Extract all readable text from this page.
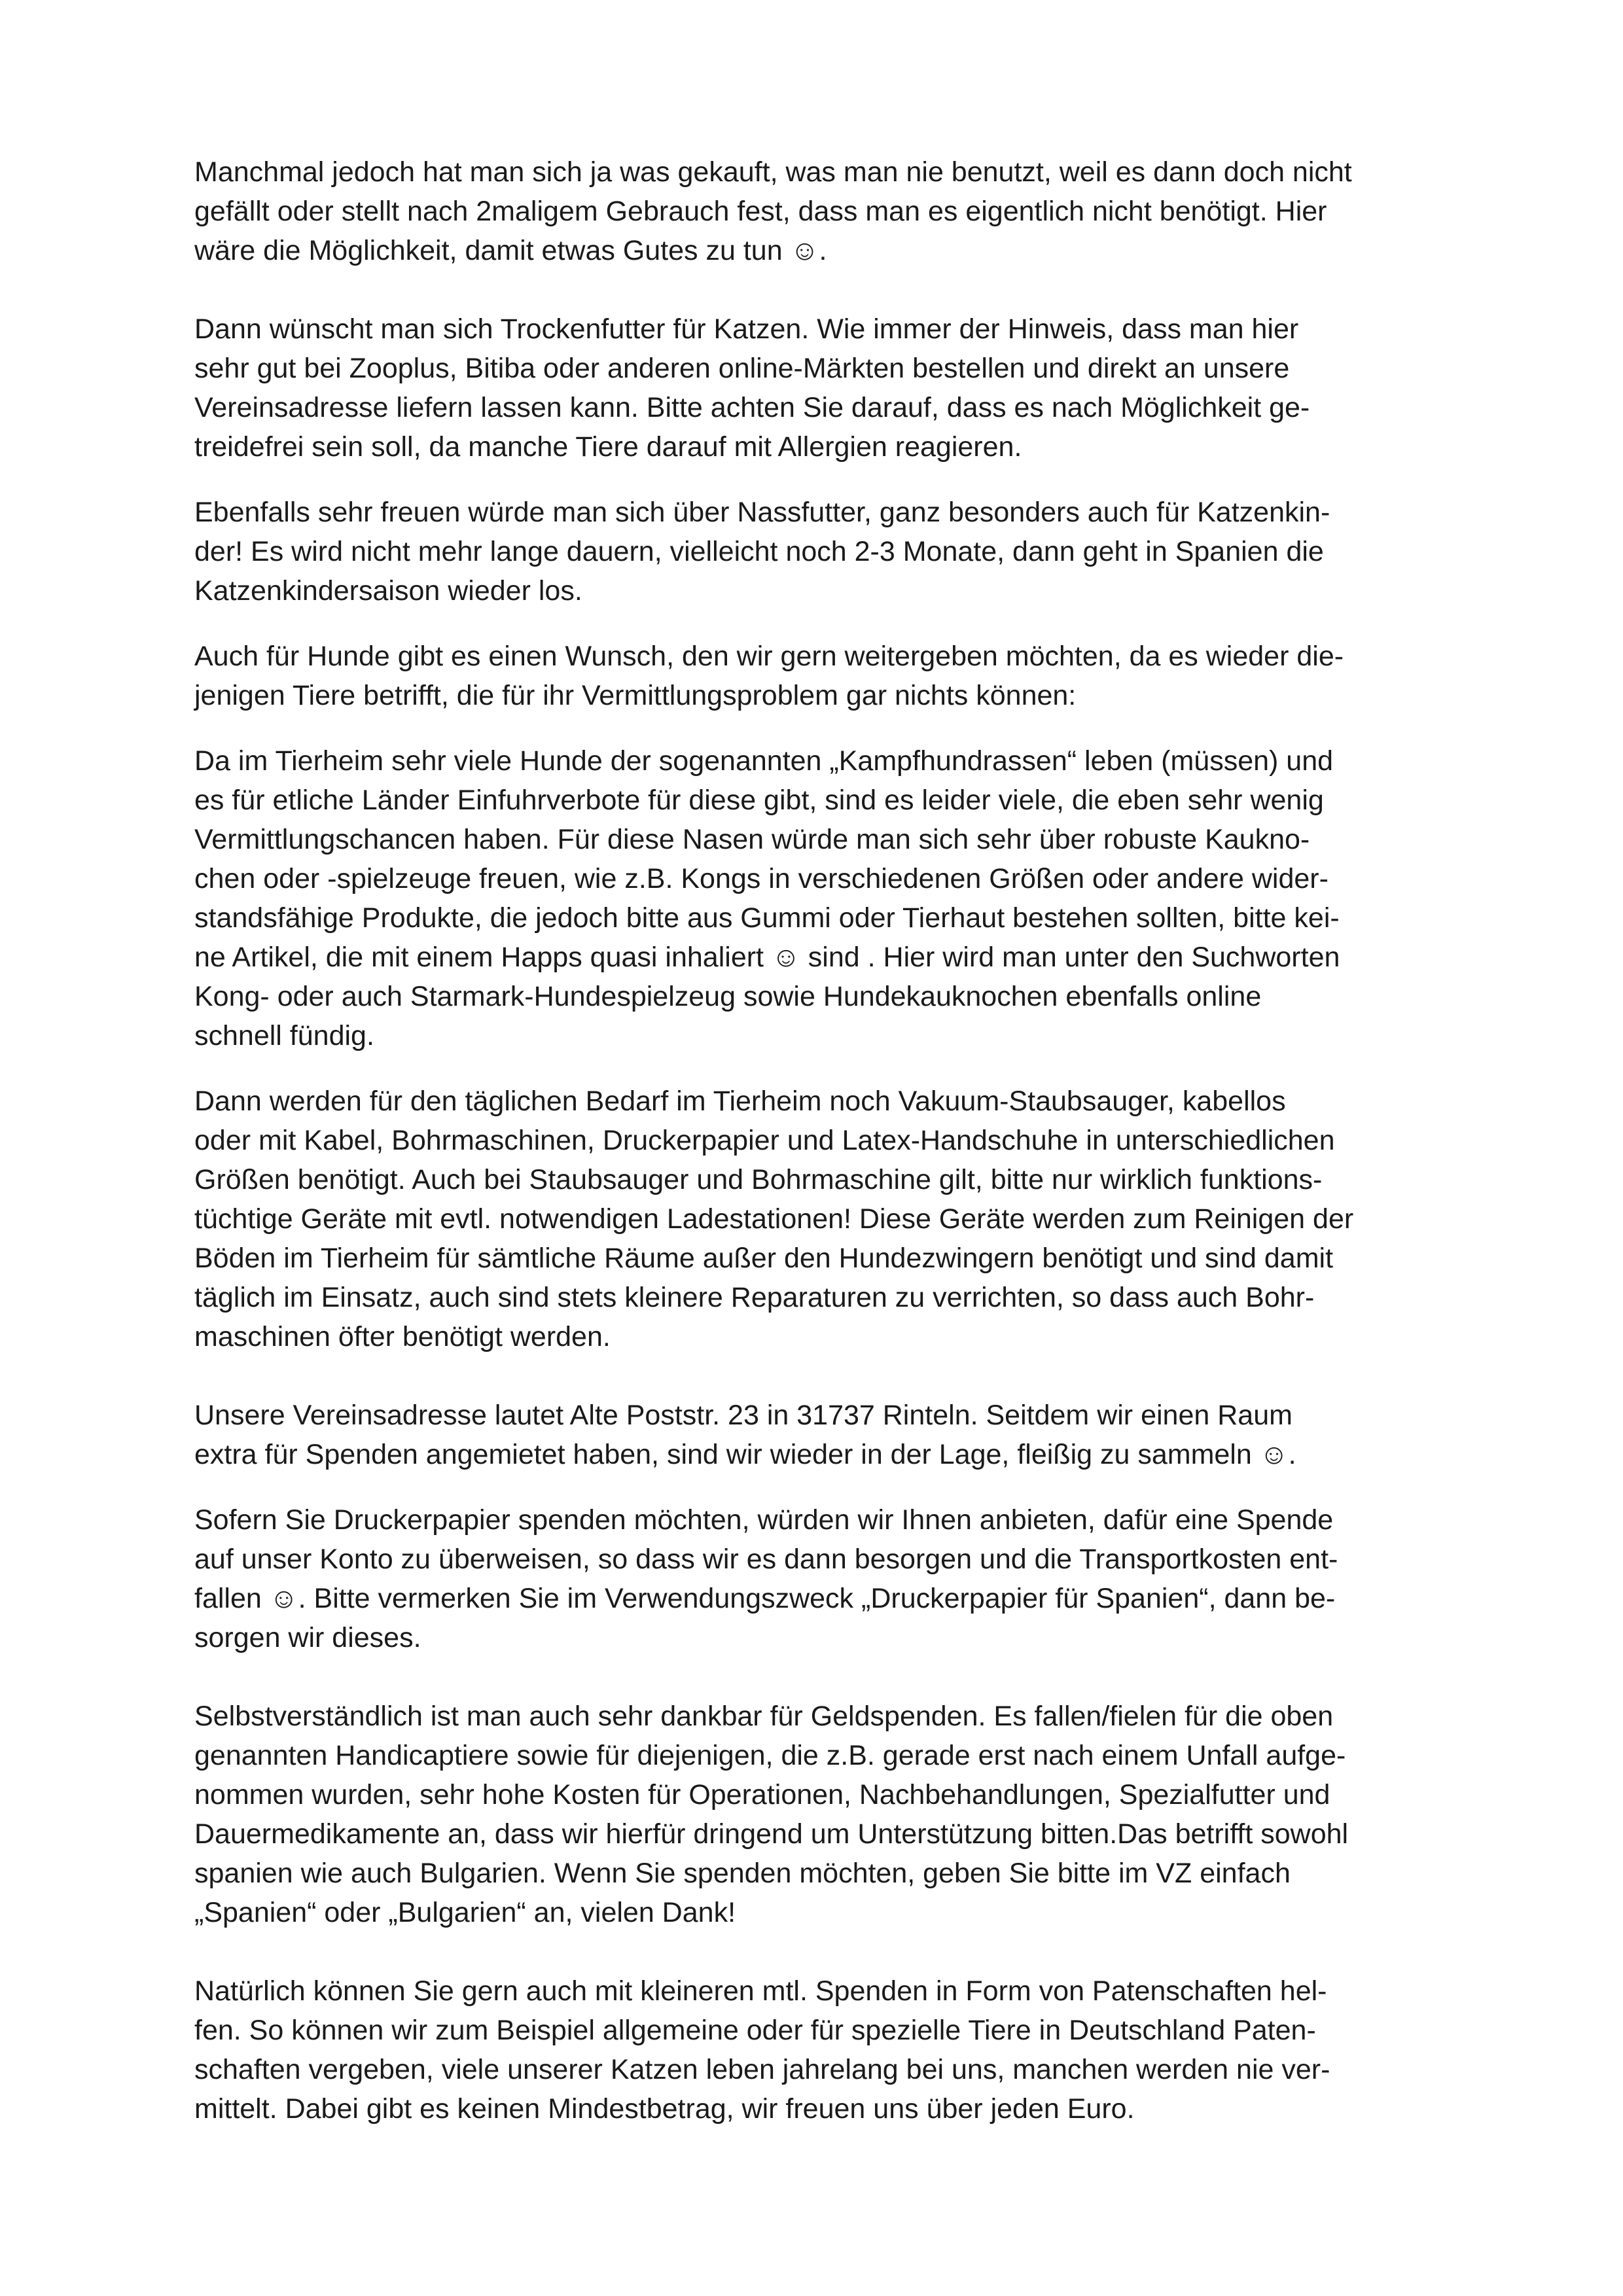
Manchmal jedoch hat man sich ja was gekauft, was man nie benutzt, weil es dann doch nicht
gefällt oder stellt nach 2maligem Gebrauch fest, dass man es eigentlich nicht benötigt. Hier
wäre die Möglichkeit, damit etwas Gutes zu tun ☺.

Dann wünscht man sich Trockenfutter für Katzen. Wie immer der Hinweis, dass man hier
sehr gut bei Zooplus, Bitiba oder anderen online-Märkten bestellen und direkt an unsere
Vereinsadresse liefern lassen kann. Bitte achten Sie darauf, dass es nach Möglichkeit ge-
treidefrei sein soll, da manche Tiere darauf mit Allergien reagieren.

Ebenfalls sehr freuen würde man sich über Nassfutter, ganz besonders auch für Katzenkin-
der! Es wird nicht mehr lange dauern, vielleicht noch 2-3 Monate, dann geht in Spanien die
Katzenkindersaison wieder los.

Auch für Hunde gibt es einen Wunsch, den wir gern weitergeben möchten, da es wieder die-
jenigen Tiere betrifft, die für ihr Vermittlungsproblem gar nichts können:

Da im Tierheim sehr viele Hunde der sogenannten „Kampfhundrassen“ leben (müssen) und
es für etliche Länder Einfuhrverbote für diese gibt, sind es leider viele, die eben sehr wenig
Vermittlungschancen haben. Für diese Nasen würde man sich sehr über robuste Kaukno-
chen oder -spielzeuge freuen, wie z.B. Kongs in verschiedenen Größen oder andere wider-
standsfähige Produkte, die jedoch bitte aus Gummi oder Tierhaut bestehen sollten, bitte kei-
ne Artikel, die mit einem Happs quasi inhaliert ☺ sind . Hier wird man unter den Suchworten
Kong- oder auch Starmark-Hundespielzeug sowie Hundekauknochen ebenfalls online
schnell fündig.

Dann werden für den täglichen Bedarf im Tierheim noch Vakuum-Staubsauger, kabellos
oder mit Kabel, Bohrmaschinen, Druckerpapier und Latex-Handschuhe in unterschiedlichen
Größen benötigt. Auch bei Staubsauger und Bohrmaschine gilt, bitte nur wirklich funktions-
tüchtige Geräte mit evtl. notwendigen Ladestationen! Diese Geräte werden zum Reinigen der
Böden im Tierheim für sämtliche Räume außer den Hundezwingern benötigt und sind damit
täglich im Einsatz, auch sind stets kleinere Reparaturen zu verrichten, so dass auch Bohr-
maschinen öfter benötigt werden.

Unsere Vereinsadresse lautet Alte Poststr. 23 in 31737 Rinteln. Seitdem wir einen Raum
extra für Spenden angemietet haben, sind wir wieder in der Lage, fleißig zu sammeln ☺.

Sofern Sie Druckerpapier spenden möchten, würden wir Ihnen anbieten, dafür eine Spende
auf unser Konto zu überweisen, so dass wir es dann besorgen und die Transportkosten ent-
fallen ☺. Bitte vermerken Sie im Verwendungszweck „Druckerpapier für Spanien“, dann be-
sorgen wir dieses.

Selbstverständlich ist man auch sehr dankbar für Geldspenden. Es fallen/fielen für die oben
genannten Handicaptiere sowie für diejenigen, die z.B. gerade erst nach einem Unfall aufge-
nommen wurden, sehr hohe Kosten für Operationen, Nachbehandlungen, Spezialfutter und
Dauermedikamente an, dass wir hierfür dringend um Unterstützung bitten.Das betrifft sowohl
spanien wie auch Bulgarien. Wenn Sie spenden möchten, geben Sie bitte im VZ einfach
„Spanien“ oder „Bulgarien“ an, vielen Dank!

Natürlich können Sie gern auch mit kleineren mtl. Spenden in Form von Patenschaften hel-
fen. So können wir zum Beispiel allgemeine oder für spezielle Tiere in Deutschland Paten-
schaften vergeben, viele unserer Katzen leben jahrelang bei uns, manchen werden nie ver-
mittelt. Dabei gibt es keinen Mindestbetrag, wir freuen uns über jeden Euro.
